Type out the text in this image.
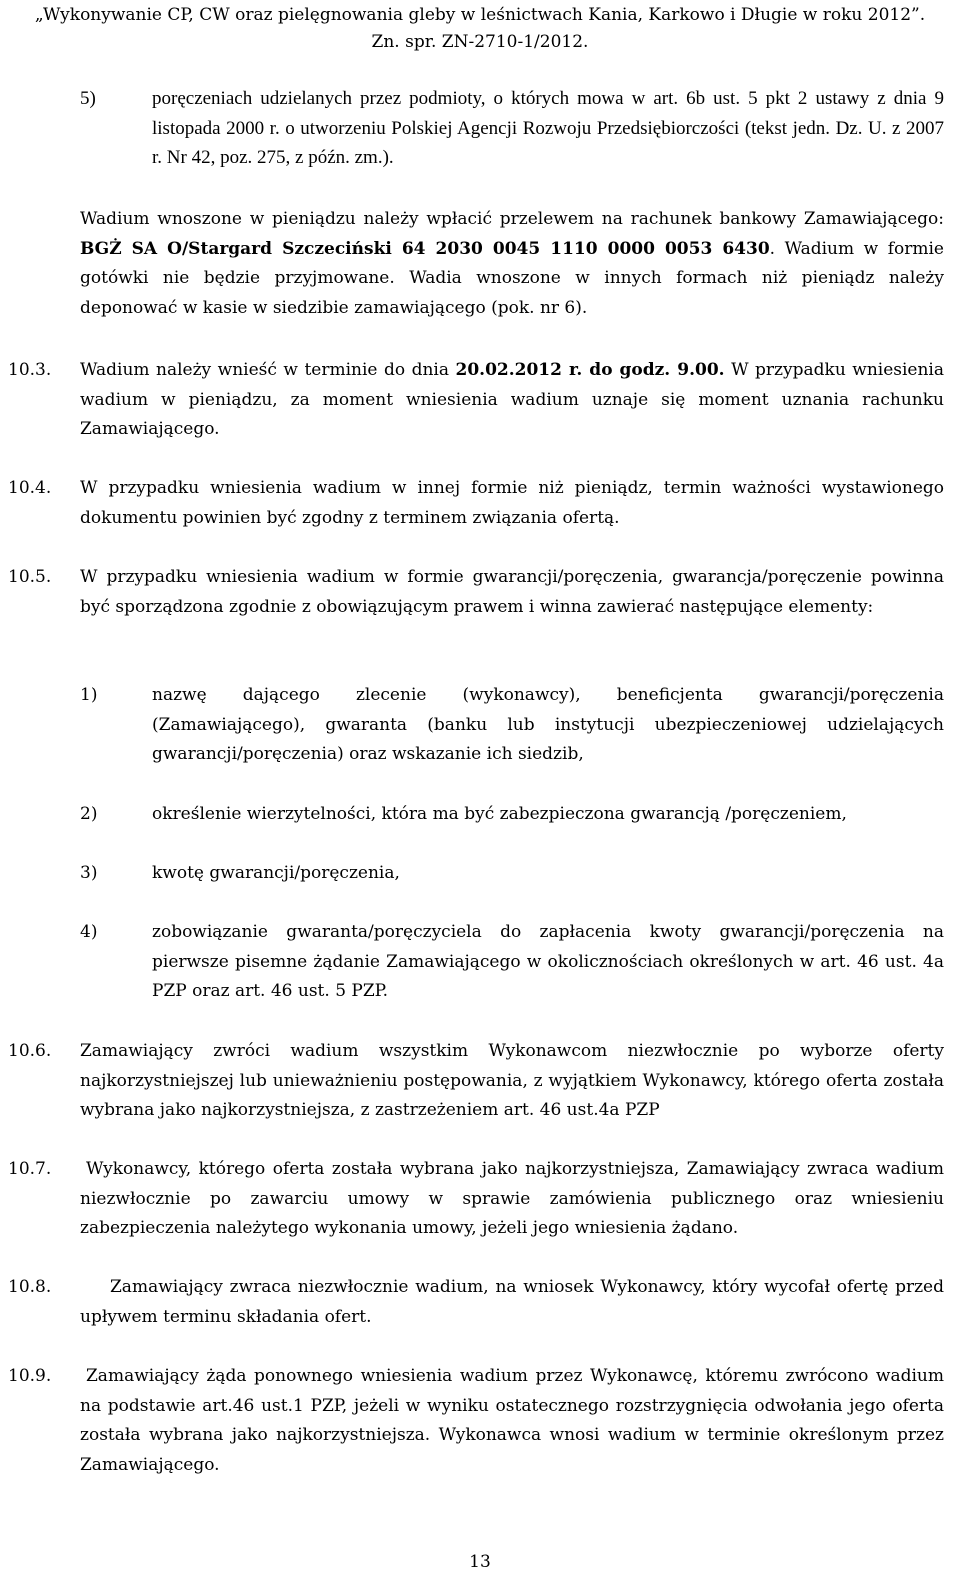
„Wykonywanie CP, CW oraz pielęgnowania gleby w leśnictwach Kania, Karkowo i Długie w roku 2012”.
Zn. spr. ZN-2710-1/2012.
5)	poręczeniach udzielanych przez podmioty, o których mowa w art. 6b ust. 5 pkt 2 ustawy z dnia 9 listopada 2000 r. o utworzeniu Polskiej Agencji Rozwoju Przedsiębiorczości (tekst jedn. Dz. U. z 2007 r. Nr 42, poz. 275, z późn. zm.).

Wadium wnoszone w pieniądzu należy wpłacić przelewem na rachunek bankowy Zamawiającego: BGŻ SA O/Stargard Szczeciński 64 2030 0045 1110 0000 0053 6430. Wadium w formie gotówki nie będzie przyjmowane. Wadia wnoszone w innych formach niż pieniądz należy deponować w kasie w siedzibie zamawiającego (pok. nr 6).

10.3. Wadium należy wnieść w terminie do dnia 20.02.2012 r. do godz. 9.00. W przypadku wniesienia wadium w pieniądzu, za moment wniesienia wadium uznaje się moment uznania rachunku Zamawiającego.

10.4. W przypadku wniesienia wadium w innej formie niż pieniądz, termin ważności wystawionego dokumentu powinien być zgodny z terminem związania ofertą.

10.5. W przypadku wniesienia wadium w formie gwarancji/poręczenia, gwarancja/poręczenie powinna być sporządzona zgodnie z obowiązującym prawem i winna zawierać następujące elementy:

1)	nazwę dającego zlecenie (wykonawcy), beneficjenta gwarancji/poręczenia (Zamawiającego), gwaranta (banku lub instytucji ubezpieczeniowej udzielających gwarancji/poręczenia) oraz wskazanie ich siedzib,

2)	określenie wierzytelności, która ma być zabezpieczona gwarancją /poręczeniem,

3)	kwotę gwarancji/poręczenia,

4)	zobowiązanie gwaranta/poręczyciela do zapłacenia kwoty gwarancji/poręczenia na pierwsze pisemne żądanie Zamawiającego w okolicznościach określonych w art. 46 ust. 4a PZP oraz art. 46 ust. 5 PZP.

10.6. Zamawiający zwróci wadium wszystkim Wykonawcom niezwłocznie po wyborze oferty najkorzystniejszej lub unieważnieniu postępowania, z wyjątkiem Wykonawcy, którego oferta została wybrana jako najkorzystniejsza, z zastrzeżeniem art. 46 ust.4a PZP

10.7.	Wykonawcy, którego oferta została wybrana jako najkorzystniejsza, Zamawiający zwraca wadium niezwłocznie po zawarciu umowy w sprawie zamówienia publicznego oraz wniesieniu zabezpieczenia należytego wykonania umowy, jeżeli jego wniesienia żądano.

10.8.	Zamawiający zwraca niezwłocznie wadium, na wniosek Wykonawcy, który wycofał ofertę przed upływem terminu składania ofert.

10.9.	Zamawiający żąda ponownego wniesienia wadium przez Wykonawcę, któremu zwrócono wadium na podstawie art.46 ust.1 PZP, jeżeli w wyniku ostatecznego rozstrzygnięcia odwołania jego oferta została wybrana jako najkorzystniejsza. Wykonawca wnosi wadium w terminie określonym przez Zamawiającego.

13
